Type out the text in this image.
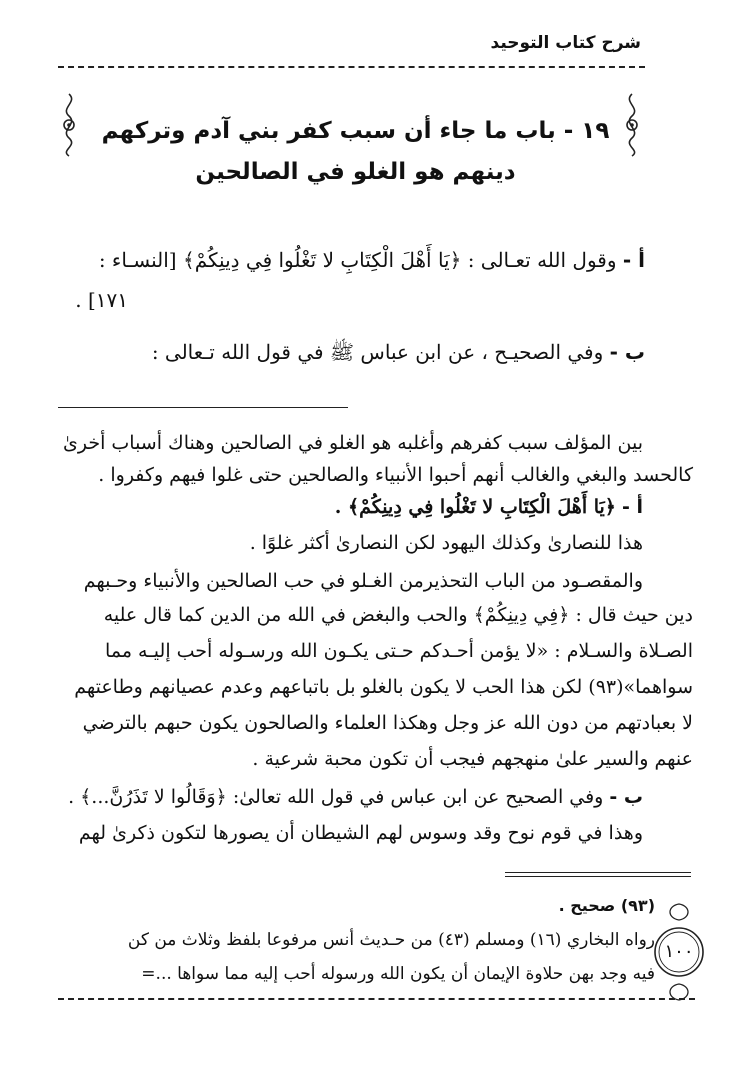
شرح كتاب التوحيد
١٩ - باب ما جاء أن سبب كفر بني آدم وتركهم
دينهم هو الغلو في الصالحين
أ - وقول الله تعـالى : ﴿يَا أَهْلَ الْكِتَابِ لا تَغْلُوا فِي دِينِكُمْ﴾ [النسـاء :
١٧١] .
ب - وفي الصحيـح ، عن ابن عباس ﷺ في قول الله تـعالى :
بين المؤلف سبب كفرهم وأغلبه هو الغلو في الصالحين وهناك أسباب أخرىٰ
كالحسد والبغي والغالب أنهم أحبوا الأنبياء والصالحين حتى غلوا فيهم وكفروا .
أ - ﴿يَا أَهْلَ الْكِتَابِ لا تَغْلُوا فِي دِينِكُمْ﴾ .
هذا للنصارىٰ وكذلك اليهود لكن النصارىٰ أكثر غلوًا .
والمقصـود من الباب التحذيرمن الغـلو في حب الصالحين والأنبياء وحـبهم
دين حيث قال : ﴿فِي دِينِكُمْ﴾ والحب والبغض في الله من الدين كما قال عليه
الصـلاة والسـلام : «لا يؤمن أحـدكم حـتى يكـون الله ورسـوله أحب إليـه مما
سواهما»(٩٣) لكن هذا الحب لا يكون بالغلو بل باتباعهم وعدم عصيانهم وطاعتهم
لا بعبادتهم من دون الله عز وجل وهكذا العلماء والصالحون يكون حبهم بالترضي
عنهم والسير علىٰ منهجهم فيجب أن تكون محبة شرعية .
ب - وفي الصحيح عن ابن عباس في قول الله تعالىٰ: ﴿وَقَالُوا لا تَذَرُنَّ...﴾ .
وهذا في قوم نوح وقد وسوس لهم الشيطان أن يصورها لتكون ذكرىٰ لهم
(٩٣) صحيح .
رواه البخاري (١٦) ومسلم (٤٣) من حـديث أنس مرفوعا بلفظ وثلاث من كن
فيه وجد بهن حلاوة الإيمان أن يكون الله ورسوله أحب إليه مما سواها ...=
١٠٠
